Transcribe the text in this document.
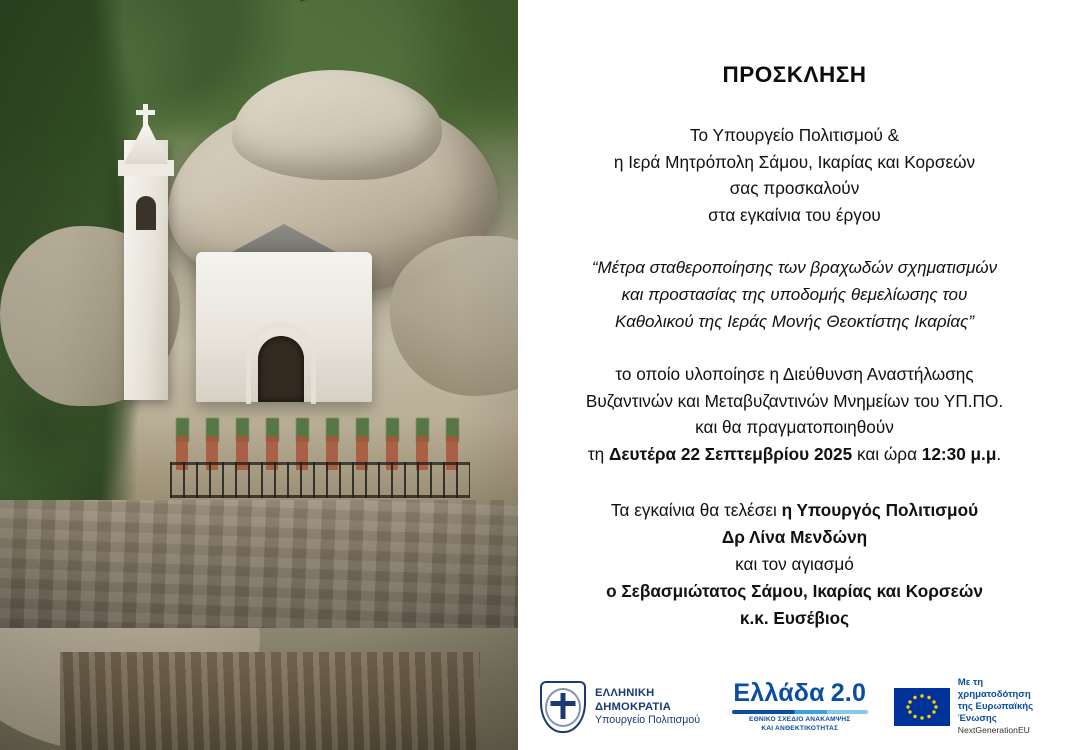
ΠΡΟΣΚΛΗΣΗ
Το Υπουργείο Πολιτισμού &
η Ιερά Μητρόπολη Σάμου, Ικαρίας και Κορσεών
σας προσκαλούν
στα εγκαίνια του έργου
“Μέτρα σταθεροποίησης των βραχωδών σχηματισμών
και προστασίας της υποδομής θεμελίωσης του
Καθολικού της Ιεράς Μονής Θεοκτίστης Ικαρίας”
το οποίο υλοποίησε η Διεύθυνση Αναστήλωσης
Βυζαντινών και Μεταβυζαντινών Μνημείων του ΥΠ.ΠΟ.
και θα πραγματοποιηθούν
τη Δευτέρα 22 Σεπτεμβρίου 2025 και ώρα 12:30 μ.μ.
Τα εγκαίνια θα τελέσει η Υπουργός Πολιτισμού
Δρ Λίνα Μενδώνη
και τον αγιασμό
ο Σεβασμιώτατος Σάμου, Ικαρίας και Κορσεών
κ.κ. Ευσέβιος
ΕΛΛΗΝΙΚΗ ΔΗΜΟΚΡΑΤΙΑ
Υπουργείο Πολιτισμού
Ελλάδα 2.0
ΕΘΝΙΚΟ ΣΧΕΔΙΟ ΑΝΑΚΑΜΨΗΣ
ΚΑΙ ΑΝΘΕΚΤΙΚΟΤΗΤΑΣ
Με τη χρηματοδότηση
της Ευρωπαϊκής Ένωσης
NextGenerationEU
